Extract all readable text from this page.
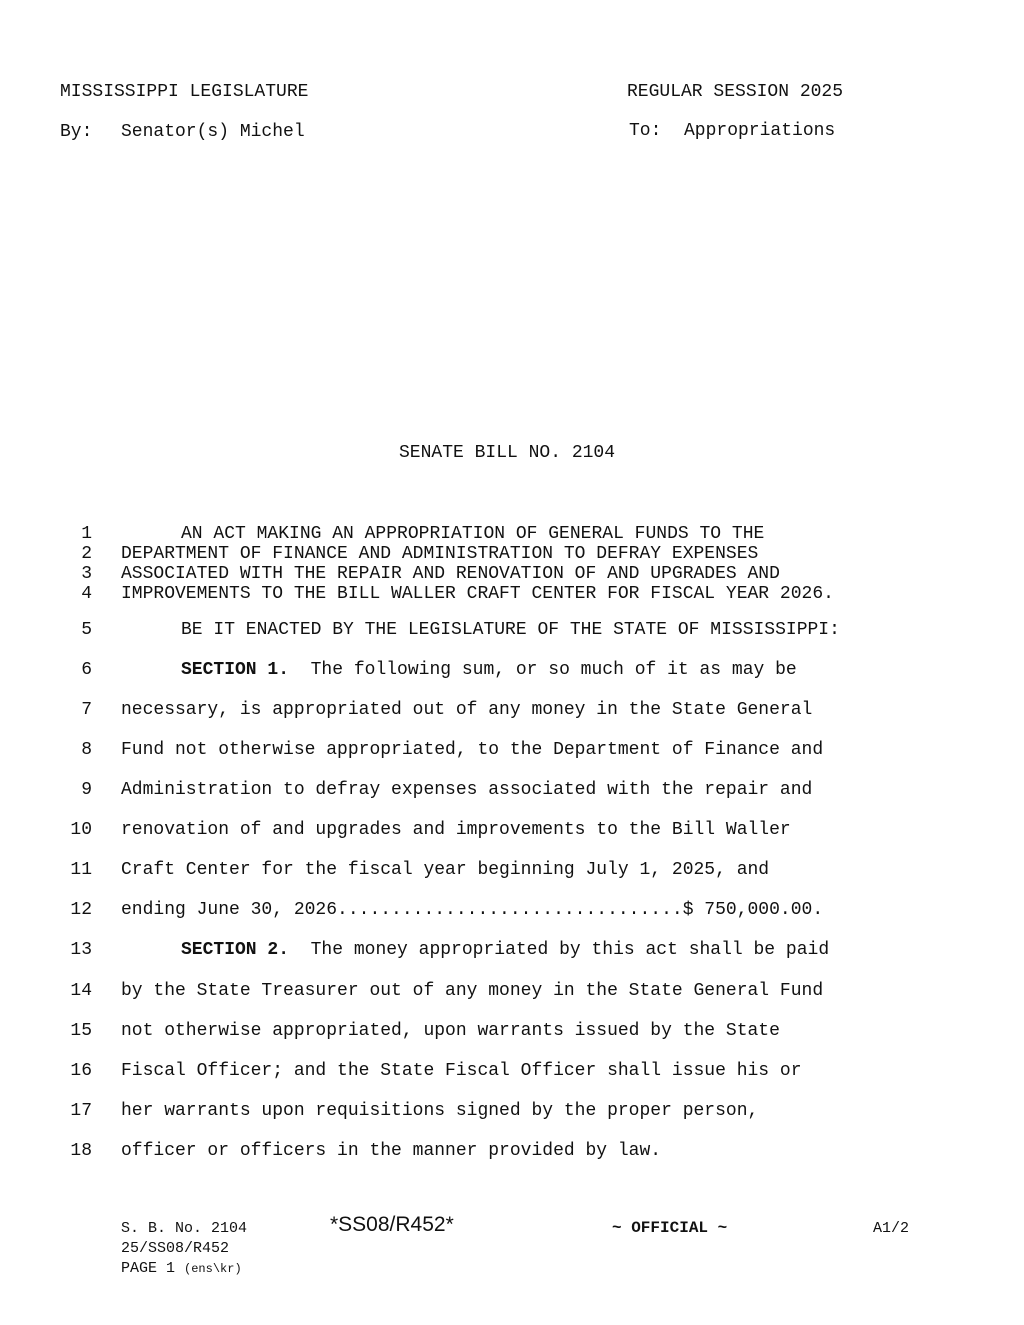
MISSISSIPPI LEGISLATURE	REGULAR SESSION 2025
By: Senator(s) Michel	To: Appropriations
SENATE BILL NO. 2104
1	AN ACT MAKING AN APPROPRIATION OF GENERAL FUNDS TO THE
2 DEPARTMENT OF FINANCE AND ADMINISTRATION TO DEFRAY EXPENSES
3 ASSOCIATED WITH THE REPAIR AND RENOVATION OF AND UPGRADES AND
4 IMPROVEMENTS TO THE BILL WALLER CRAFT CENTER FOR FISCAL YEAR 2026.
5	BE IT ENACTED BY THE LEGISLATURE OF THE STATE OF MISSISSIPPI:
6	SECTION 1.  The following sum, or so much of it as may be
7 necessary, is appropriated out of any money in the State General
8 Fund not otherwise appropriated, to the Department of Finance and
9 Administration to defray expenses associated with the repair and
10 renovation of and upgrades and improvements to the Bill Waller
11 Craft Center for the fiscal year beginning July 1, 2025, and
12 ending June 30, 2026................................$ 750,000.00.
13	SECTION 2.  The money appropriated by this act shall be paid
14 by the State Treasurer out of any money in the State General Fund
15 not otherwise appropriated, upon warrants issued by the State
16 Fiscal Officer; and the State Fiscal Officer shall issue his or
17 her warrants upon requisitions signed by the proper person,
18 officer or officers in the manner provided by law.
S. B. No. 2104	*SS08/R452*	~ OFFICIAL ~	A1/2
25/SS08/R452
PAGE 1 (ens\kr)
